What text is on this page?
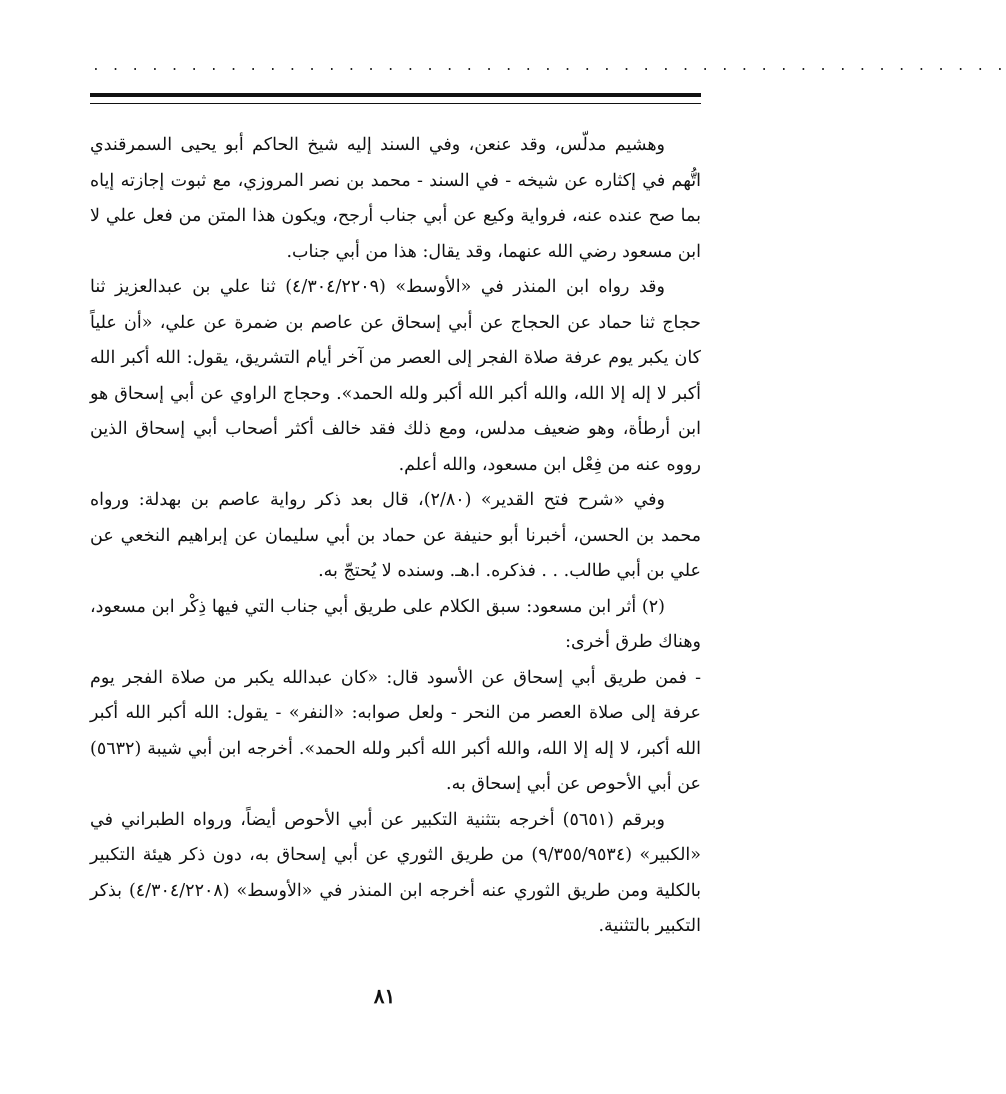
. . . . . . . . . . . . . . . . . . . . . . . . . . . . . . . . . . . . . . . . . . . . . . .

وهشيم مدلّس، وقد عنعن، وفي السند إليه شيخ الحاكم أبو يحيى السمرقندي اتُّهم في إكثاره عن شيخه - في السند - محمد بن نصر المروزي، مع ثبوت إجازته إياه بما صح عنده عنه، فرواية وكيع عن أبي جناب أرجح، ويكون هذا المتن من فعل علي لا ابن مسعود رضي الله عنهما، وقد يقال: هذا من أبي جناب.

وقد رواه ابن المنذر في «الأوسط» (٤/٣٠٤/٢٢٠٩) ثنا علي بن عبدالعزيز ثنا حجاج ثنا حماد عن الحجاج عن أبي إسحاق عن عاصم بن ضمرة عن علي، «أن علياً كان يكبر يوم عرفة صلاة الفجر إلى العصر من آخر أيام التشريق، يقول: الله أكبر الله أكبر لا إله إلا الله، والله أكبر الله أكبر ولله الحمد». وحجاج الراوي عن أبي إسحاق هو ابن أرطأة، وهو ضعيف مدلس، ومع ذلك فقد خالف أكثر أصحاب أبي إسحاق الذين رووه عنه من فِعْل ابن مسعود، والله أعلم.

وفي «شرح فتح القدير» (٢/٨٠)، قال بعد ذكر رواية عاصم بن بهدلة: ورواه محمد بن الحسن، أخبرنا أبو حنيفة عن حماد بن أبي سليمان عن إبراهيم النخعي عن علي بن أبي طالب. . . فذكره. ا.هـ. وسنده لا يُحتجّ به.

(٢) أثر ابن مسعود: سبق الكلام على طريق أبي جناب التي فيها ذِكْر ابن مسعود، وهناك طرق أخرى:

- فمن طريق أبي إسحاق عن الأسود قال: «كان عبدالله يكبر من صلاة الفجر يوم عرفة إلى صلاة العصر من النحر - ولعل صوابه: «النفر» - يقول: الله أكبر الله أكبر الله أكبر، لا إله إلا الله، والله أكبر الله أكبر ولله الحمد». أخرجه ابن أبي شيبة (٥٦٣٢) عن أبي الأحوص عن أبي إسحاق به.

وبرقم (٥٦٥١) أخرجه بتثنية التكبير عن أبي الأحوص أيضاً، ورواه الطبراني في «الكبير» (٩/٣٥٥/٩٥٣٤) من طريق الثوري عن أبي إسحاق به، دون ذكر هيئة التكبير بالكلية ومن طريق الثوري عنه أخرجه ابن المنذر في «الأوسط» (٤/٣٠٤/٢٢٠٨) بذكر التكبير بالتثنية.

٨١
